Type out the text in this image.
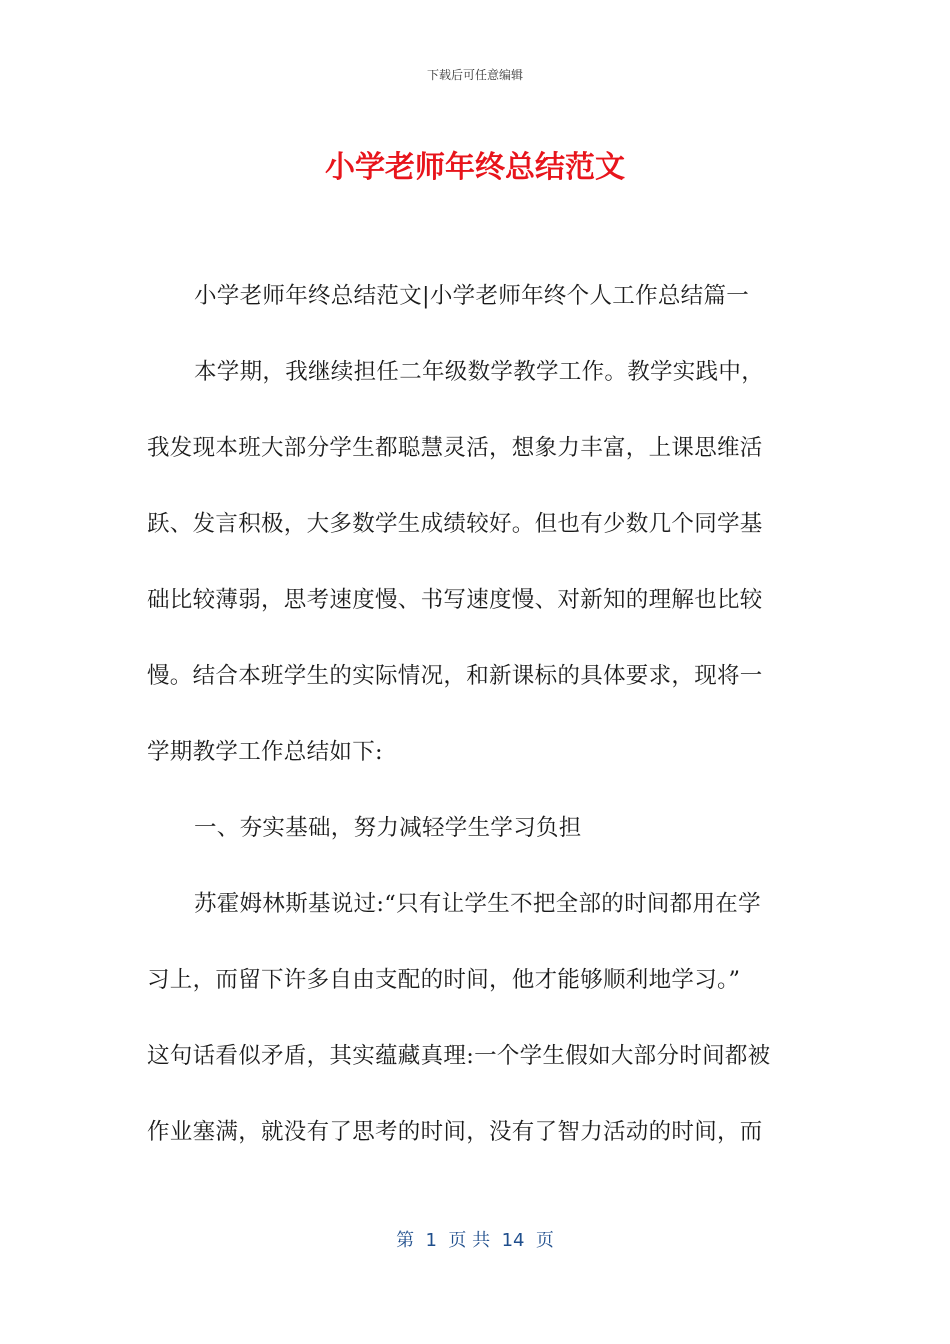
下载后可任意编辑
小学老师年终总结范文
小学老师年终总结范文|小学老师年终个人工作总结篇一
本学期，我继续担任二年级数学教学工作。教学实践中，
我发现本班大部分学生都聪慧灵活，想象力丰富，上课思维活
跃、发言积极，大多数学生成绩较好。但也有少数几个同学基
础比较薄弱，思考速度慢、书写速度慢、对新知的理解也比较
慢。结合本班学生的实际情况，和新课标的具体要求，现将一
学期教学工作总结如下:
一、夯实基础，努力减轻学生学习负担
苏霍姆林斯基说过:“只有让学生不把全部的时间都用在学
习上，而留下许多自由支配的时间，他才能够顺利地学习。”
这句话看似矛盾，其实蕴藏真理:一个学生假如大部分时间都被
作业塞满，就没有了思考的时间，没有了智力活动的时间，而
第  1  页 共  14  页
